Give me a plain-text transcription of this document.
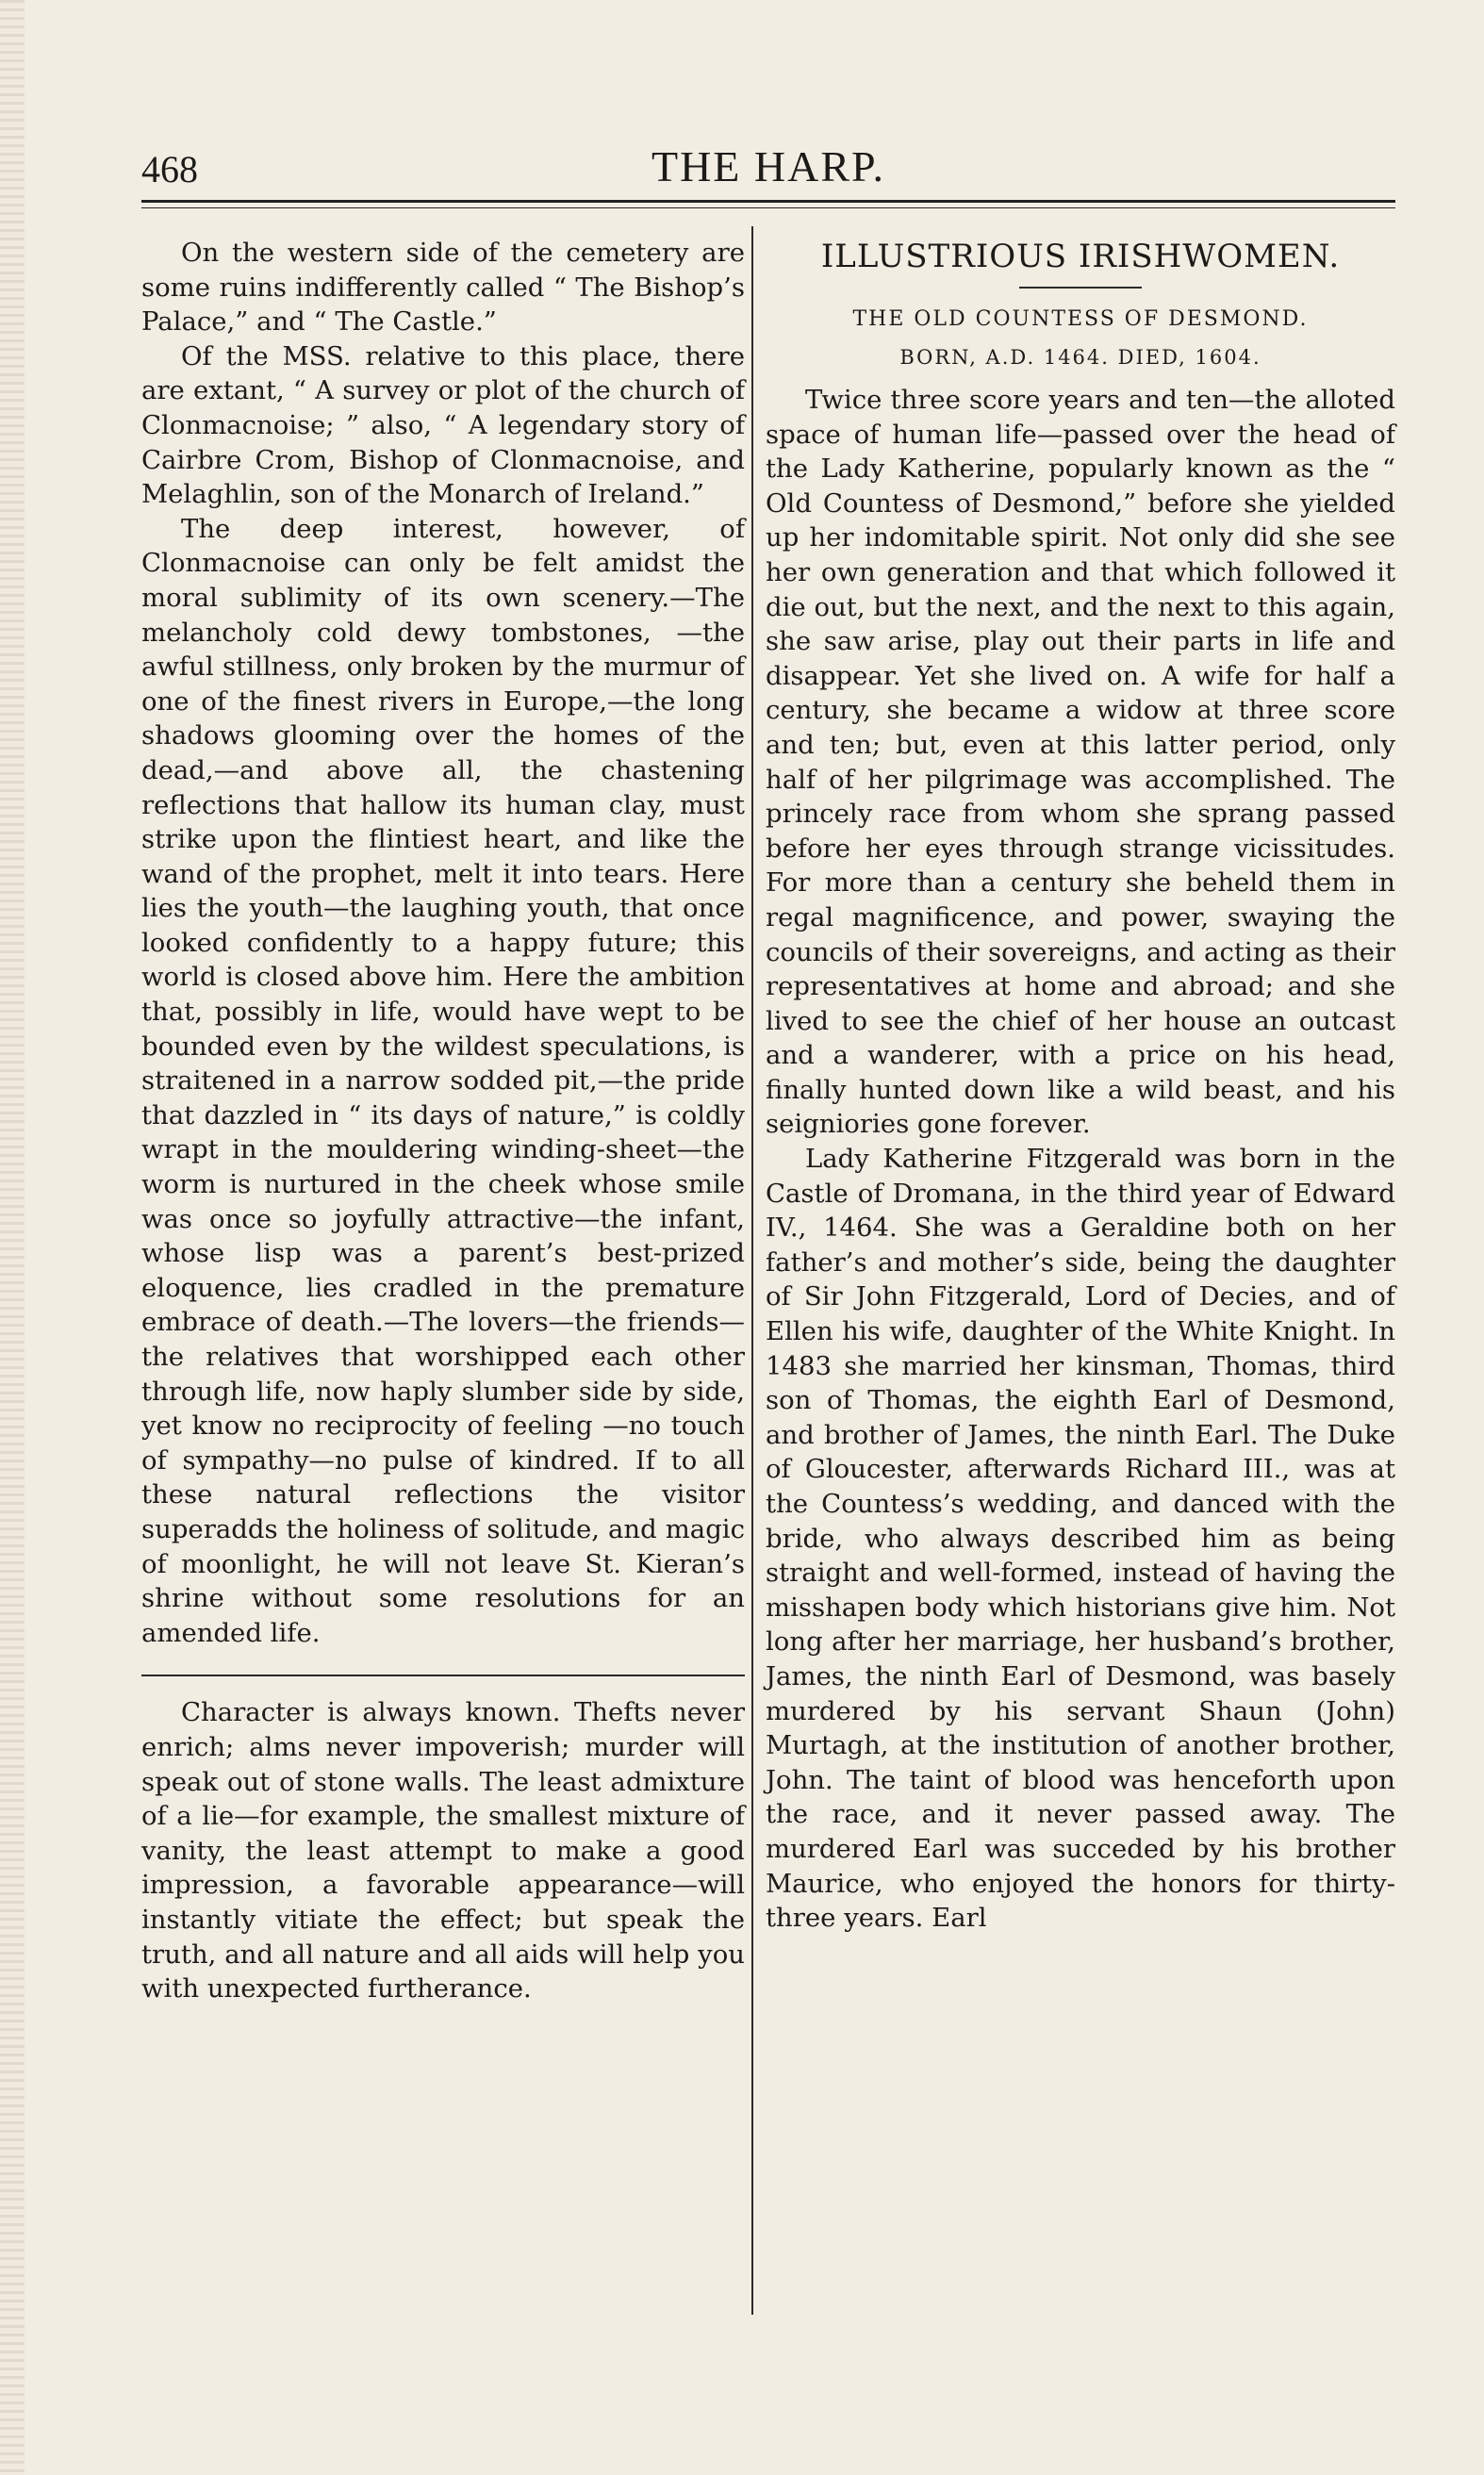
468	THE HARP.

On the western side of the cemetery are some ruins indifferently called “ The Bishop’s Palace,” and “ The Castle.”

Of the MSS. relative to this place, there are extant, “ A survey or plot of the church of Clonmacnoise; ” also, “ A legendary story of Cairbre Crom, Bishop of Clonmacnoise, and Melaghlin, son of the Monarch of Ireland.”

The deep interest, however, of Clonmacnoise can only be felt amidst the moral sublimity of its own scenery.—The melancholy cold dewy tombstones, —the awful stillness, only broken by the murmur of one of the finest rivers in Europe,—the long shadows glooming over the homes of the dead,—and above all, the chastening reflections that hallow its human clay, must strike upon the flintiest heart, and like the wand of the prophet, melt it into tears. Here lies the youth—the laughing youth, that once looked confidently to a happy future; this world is closed above him. Here the ambition that, possibly in life, would have wept to be bounded even by the wildest speculations, is straitened in a narrow sodded pit,—the pride that dazzled in “ its days of nature,” is coldly wrapt in the mouldering winding-sheet—the worm is nurtured in the cheek whose smile was once so joyfully attractive—the infant, whose lisp was a parent’s best-prized eloquence, lies cradled in the premature embrace of death.—The lovers—the friends—the relatives that worshipped each other through life, now haply slumber side by side, yet know no reciprocity of feeling —no touch of sympathy—no pulse of kindred. If to all these natural reflections the visitor superadds the holiness of solitude, and magic of moonlight, he will not leave St. Kieran’s shrine without some resolutions for an amended life.

Character is always known. Thefts never enrich; alms never impoverish; murder will speak out of stone walls. The least admixture of a lie—for example, the smallest mixture of vanity, the least attempt to make a good impression, a favorable appearance—will instantly vitiate the effect; but speak the truth, and all nature and all aids will help you with unexpected furtherance.

ILLUSTRIOUS IRISHWOMEN.
THE OLD COUNTESS OF DESMOND.
BORN, A.D. 1464. DIED, 1604.

Twice three score years and ten—the alloted space of human life—passed over the head of the Lady Katherine, popularly known as the “ Old Countess of Desmond,” before she yielded up her indomitable spirit. Not only did she see her own generation and that which followed it die out, but the next, and the next to this again, she saw arise, play out their parts in life and disappear. Yet she lived on. A wife for half a century, she became a widow at three score and ten; but, even at this latter period, only half of her pilgrimage was accomplished. The princely race from whom she sprang passed before her eyes through strange vicissitudes. For more than a century she beheld them in regal magnificence, and power, swaying the councils of their sovereigns, and acting as their representatives at home and abroad; and she lived to see the chief of her house an outcast and a wanderer, with a price on his head, finally hunted down like a wild beast, and his seigniories gone forever.

Lady Katherine Fitzgerald was born in the Castle of Dromana, in the third year of Edward IV., 1464. She was a Geraldine both on her father’s and mother’s side, being the daughter of Sir John Fitzgerald, Lord of Decies, and of Ellen his wife, daughter of the White Knight. In 1483 she married her kinsman, Thomas, third son of Thomas, the eighth Earl of Desmond, and brother of James, the ninth Earl. The Duke of Gloucester, afterwards Richard III., was at the Countess’s wedding, and danced with the bride, who always described him as being straight and well-formed, instead of having the misshapen body which historians give him. Not long after her marriage, her husband’s brother, James, the ninth Earl of Desmond, was basely murdered by his servant Shaun (John) Murtagh, at the institution of another brother, John. The taint of blood was henceforth upon the race, and it never passed away. The murdered Earl was succeded by his brother Maurice, who enjoyed the honors for thirty-three years. Earl
